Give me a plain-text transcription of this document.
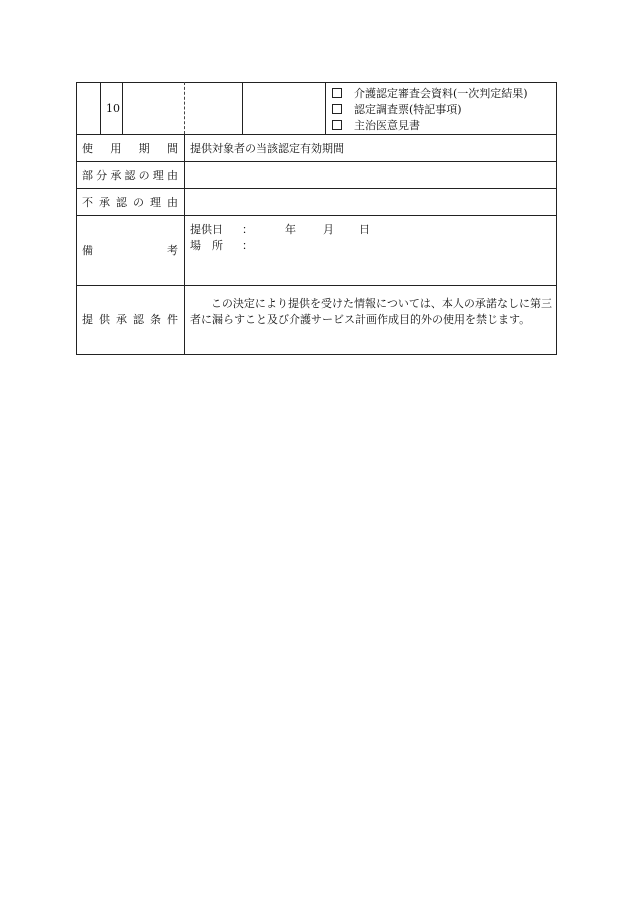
10
介護認定審査会資料(一次判定結果)
認定調査票(特記事項)
主治医意見書
使 用 期 間 提供対象者の当該認定有効期間
部 分 承 認 の 理 由
不 承 認 の 理 由
備	考
提供日 ：	年 月 日
場　所 ：
提 供 承 認 条 件
この決定により提供を受けた情報については、本人の承諾なしに第三者に漏らすこと及び介護サービス計画作成目的外の使用を禁じます。
